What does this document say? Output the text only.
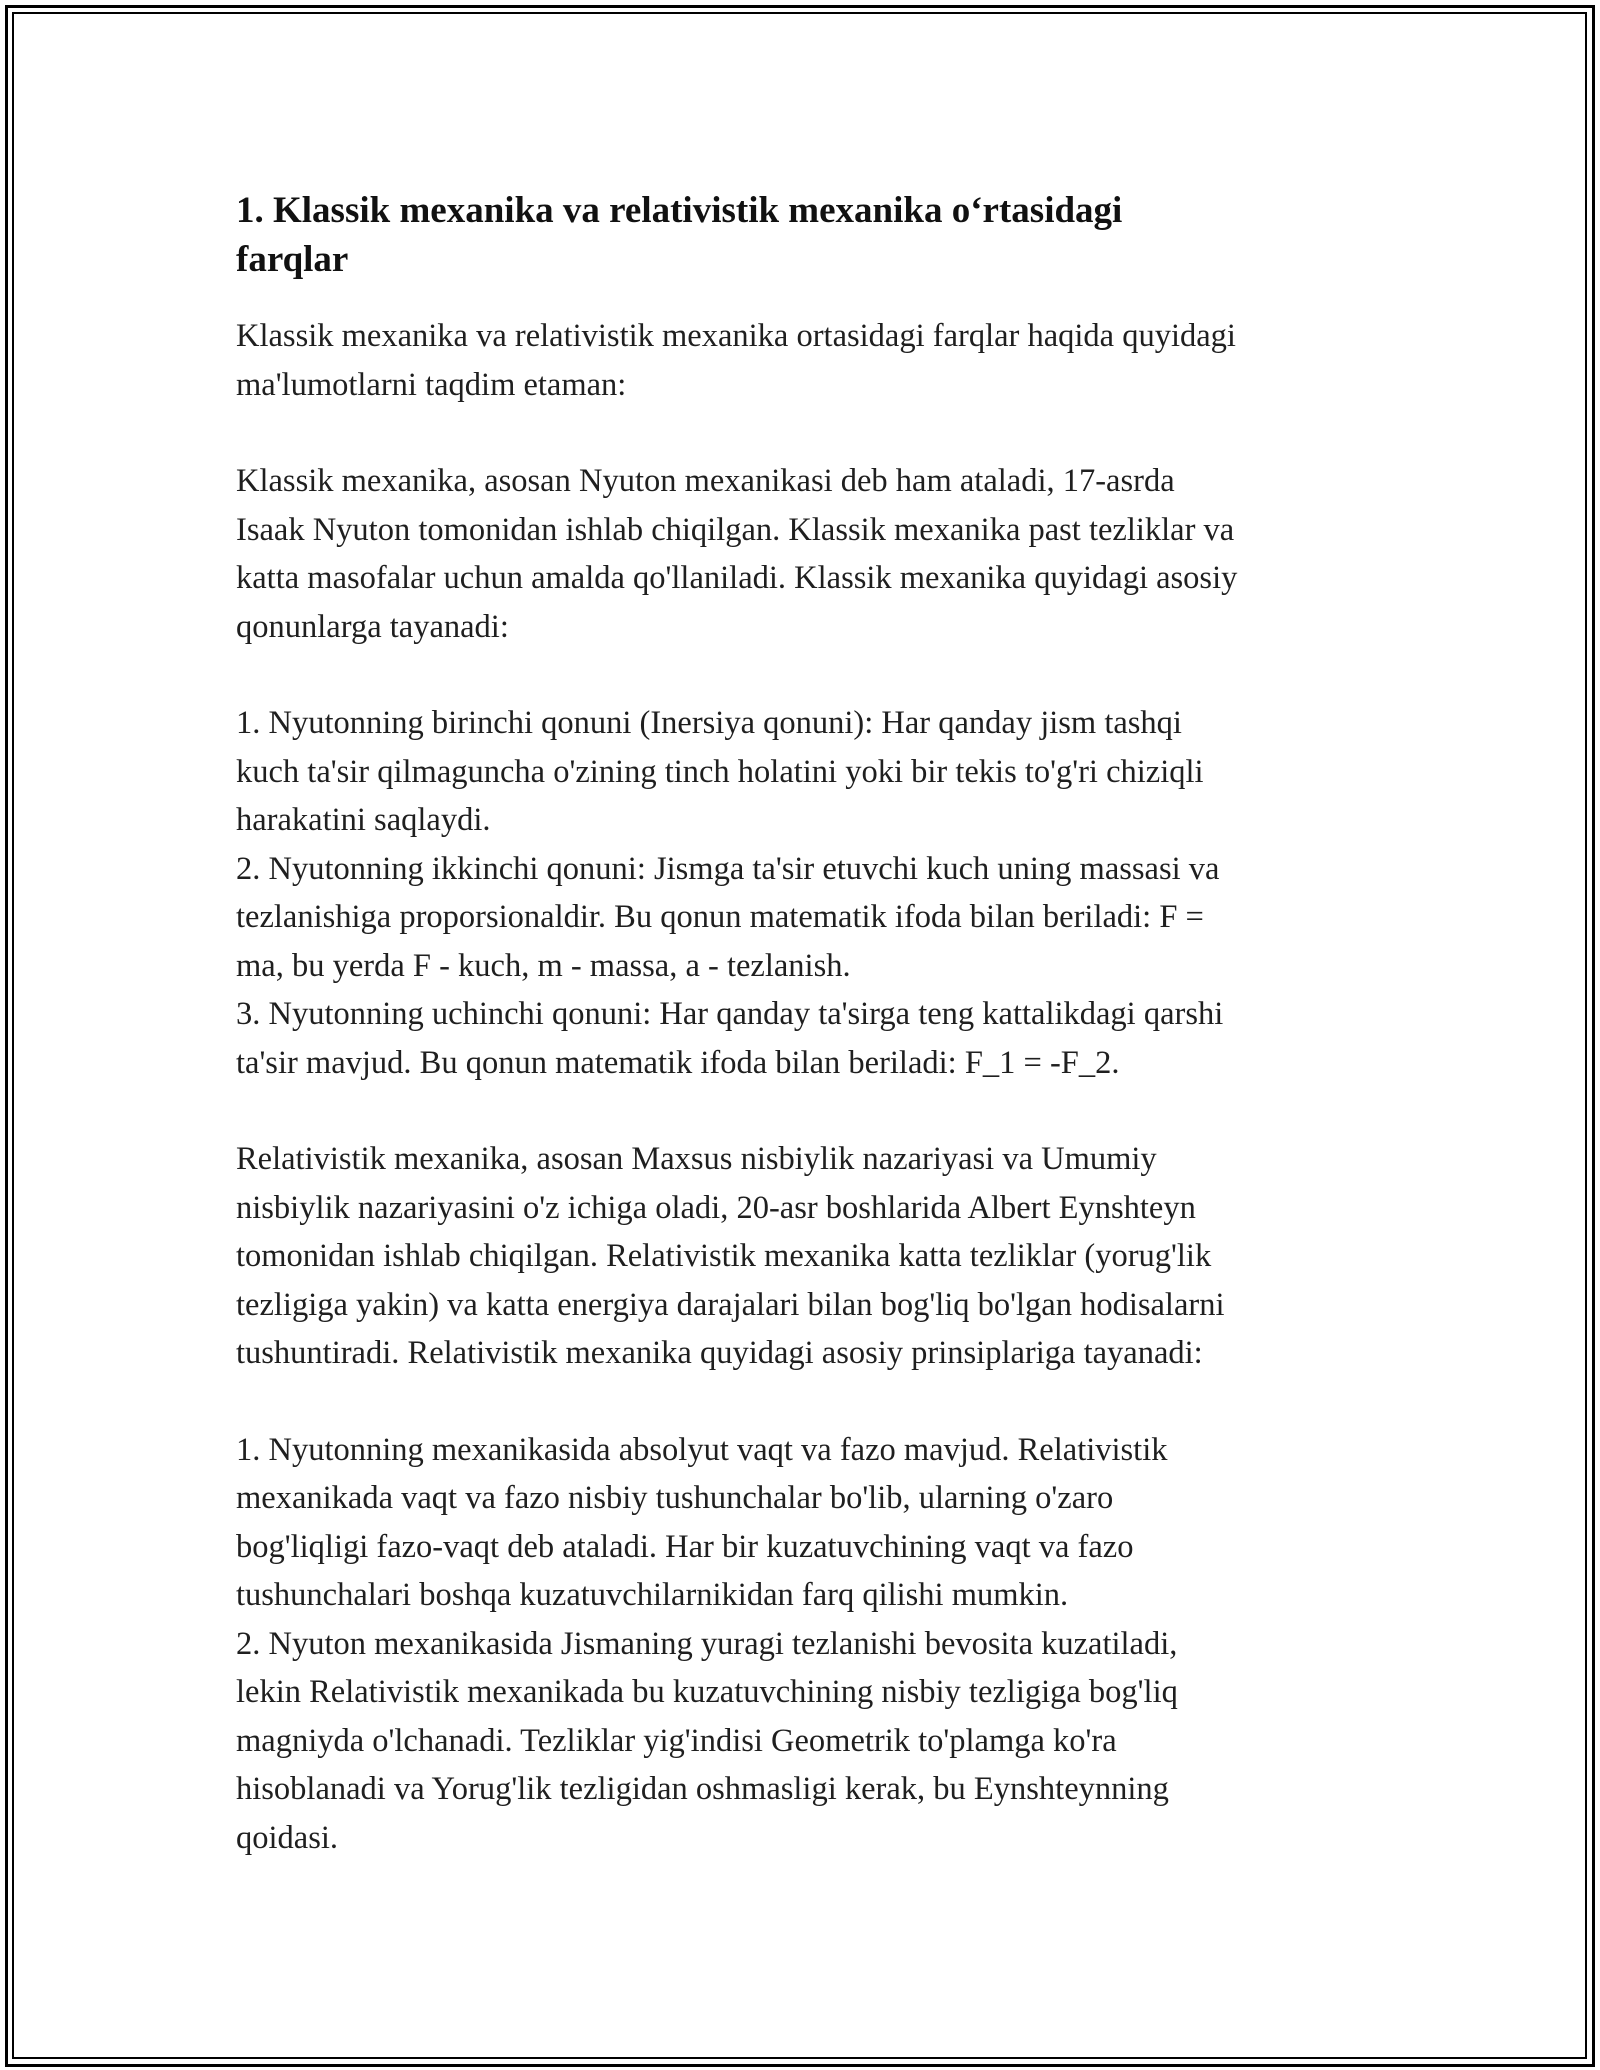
1. Klassik mexanika va relativistik mexanika o‘rtasidagi
farqlar

Klassik mexanika va relativistik mexanika ortasidagi farqlar haqida quyidagi
ma'lumotlarni taqdim etaman:

Klassik mexanika, asosan Nyuton mexanikasi deb ham ataladi, 17-asrda
Isaak Nyuton tomonidan ishlab chiqilgan. Klassik mexanika past tezliklar va
katta masofalar uchun amalda qo'llaniladi. Klassik mexanika quyidagi asosiy
qonunlarga tayanadi:

1. Nyutonning birinchi qonuni (Inersiya qonuni): Har qanday jism tashqi
kuch ta'sir qilmaguncha o'zining tinch holatini yoki bir tekis to'g'ri chiziqli
harakatini saqlaydi.
2. Nyutonning ikkinchi qonuni: Jismga ta'sir etuvchi kuch uning massasi va
tezlanishiga proporsionaldir. Bu qonun matematik ifoda bilan beriladi: F =
ma, bu yerda F - kuch, m - massa, a - tezlanish.
3. Nyutonning uchinchi qonuni: Har qanday ta'sirga teng kattalikdagi qarshi
ta'sir mavjud. Bu qonun matematik ifoda bilan beriladi: F_1 = -F_2.

Relativistik mexanika, asosan Maxsus nisbiylik nazariyasi va Umumiy
nisbiylik nazariyasini o'z ichiga oladi, 20-asr boshlarida Albert Eynshteyn
tomonidan ishlab chiqilgan. Relativistik mexanika katta tezliklar (yorug'lik
tezligiga yakin) va katta energiya darajalari bilan bog'liq bo'lgan hodisalarni
tushuntiradi. Relativistik mexanika quyidagi asosiy prinsiplariga tayanadi:

1. Nyutonning mexanikasida absolyut vaqt va fazo mavjud. Relativistik
mexanikada vaqt va fazo nisbiy tushunchalar bo'lib, ularning o'zaro
bog'liqligi fazo-vaqt deb ataladi. Har bir kuzatuvchining vaqt va fazo
tushunchalari boshqa kuzatuvchilarnikidan farq qilishi mumkin.
2. Nyuton mexanikasida Jismaning yuragi tezlanishi bevosita kuzatiladi,
lekin Relativistik mexanikada bu kuzatuvchining nisbiy tezligiga bog'liq
magniyda o'lchanadi. Tezliklar yig'indisi Geometrik to'plamga ko'ra
hisoblanadi va Yorug'lik tezligidan oshmasligi kerak, bu Eynshteynning
qoidasi.
